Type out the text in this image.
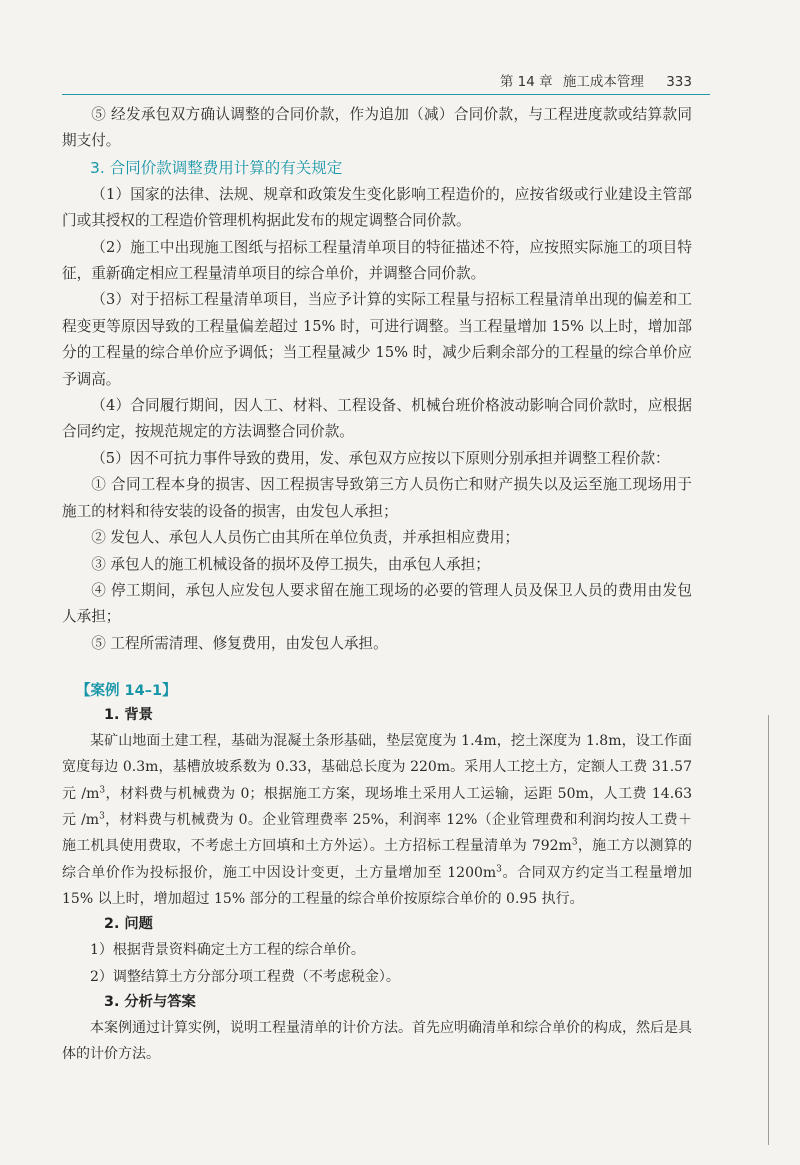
第 14 章 施工成本管理 333

⑤ 经发承包双方确认调整的合同价款，作为追加（减）合同价款，与工程进度款或结算款同期支付。

3. 合同价款调整费用计算的有关规定

（1）国家的法律、法规、规章和政策发生变化影响工程造价的，应按省级或行业建设主管部门或其授权的工程造价管理机构据此发布的规定调整合同价款。

（2）施工中出现施工图纸与招标工程量清单项目的特征描述不符，应按照实际施工的项目特征，重新确定相应工程量清单项目的综合单价，并调整合同价款。

（3）对于招标工程量清单项目，当应予计算的实际工程量与招标工程量清单出现的偏差和工程变更等原因导致的工程量偏差超过 15% 时，可进行调整。当工程量增加 15% 以上时，增加部分的工程量的综合单价应予调低；当工程量减少 15% 时，减少后剩余部分的工程量的综合单价应予调高。

（4）合同履行期间，因人工、材料、工程设备、机械台班价格波动影响合同价款时，应根据合同约定，按规范规定的方法调整合同价款。

（5）因不可抗力事件导致的费用，发、承包双方应按以下原则分别承担并调整工程价款：

① 合同工程本身的损害、因工程损害导致第三方人员伤亡和财产损失以及运至施工现场用于施工的材料和待安装的设备的损害，由发包人承担；

② 发包人、承包人人员伤亡由其所在单位负责，并承担相应费用；

③ 承包人的施工机械设备的损坏及停工损失，由承包人承担；

④ 停工期间，承包人应发包人要求留在施工现场的必要的管理人员及保卫人员的费用由发包人承担；

⑤ 工程所需清理、修复费用，由发包人承担。

【案例 14–1】
1. 背景

某矿山地面土建工程，基础为混凝土条形基础，垫层宽度为 1.4m，挖土深度为 1.8m，设工作面宽度每边 0.3m，基槽放坡系数为 0.33，基础总长度为 220m。采用人工挖土方，定额人工费 31.57 元 $/m^3$，材料费与机械费为 0；根据施工方案，现场堆土采用人工运输，运距 50m，人工费 14.63 元 $/m^3$，材料费与机械费为 0。企业管理费率 25%，利润率 12%（企业管理费和利润均按人工费＋施工机具使用费取，不考虑土方回填和土方外运）。土方招标工程量清单为 $792m^3$，施工方以测算的综合单价作为投标报价，施工中因设计变更，土方量增加至 $1200m^3$。合同双方约定当工程量增加 15% 以上时，增加超过 15% 部分的工程量的综合单价按原综合单价的 0.95 执行。

2. 问题

1）根据背景资料确定土方工程的综合单价。

2）调整结算土方分部分项工程费（不考虑税金）。

3. 分析与答案

本案例通过计算实例，说明工程量清单的计价方法。首先应明确清单和综合单价的构成，然后是具体的计价方法。
